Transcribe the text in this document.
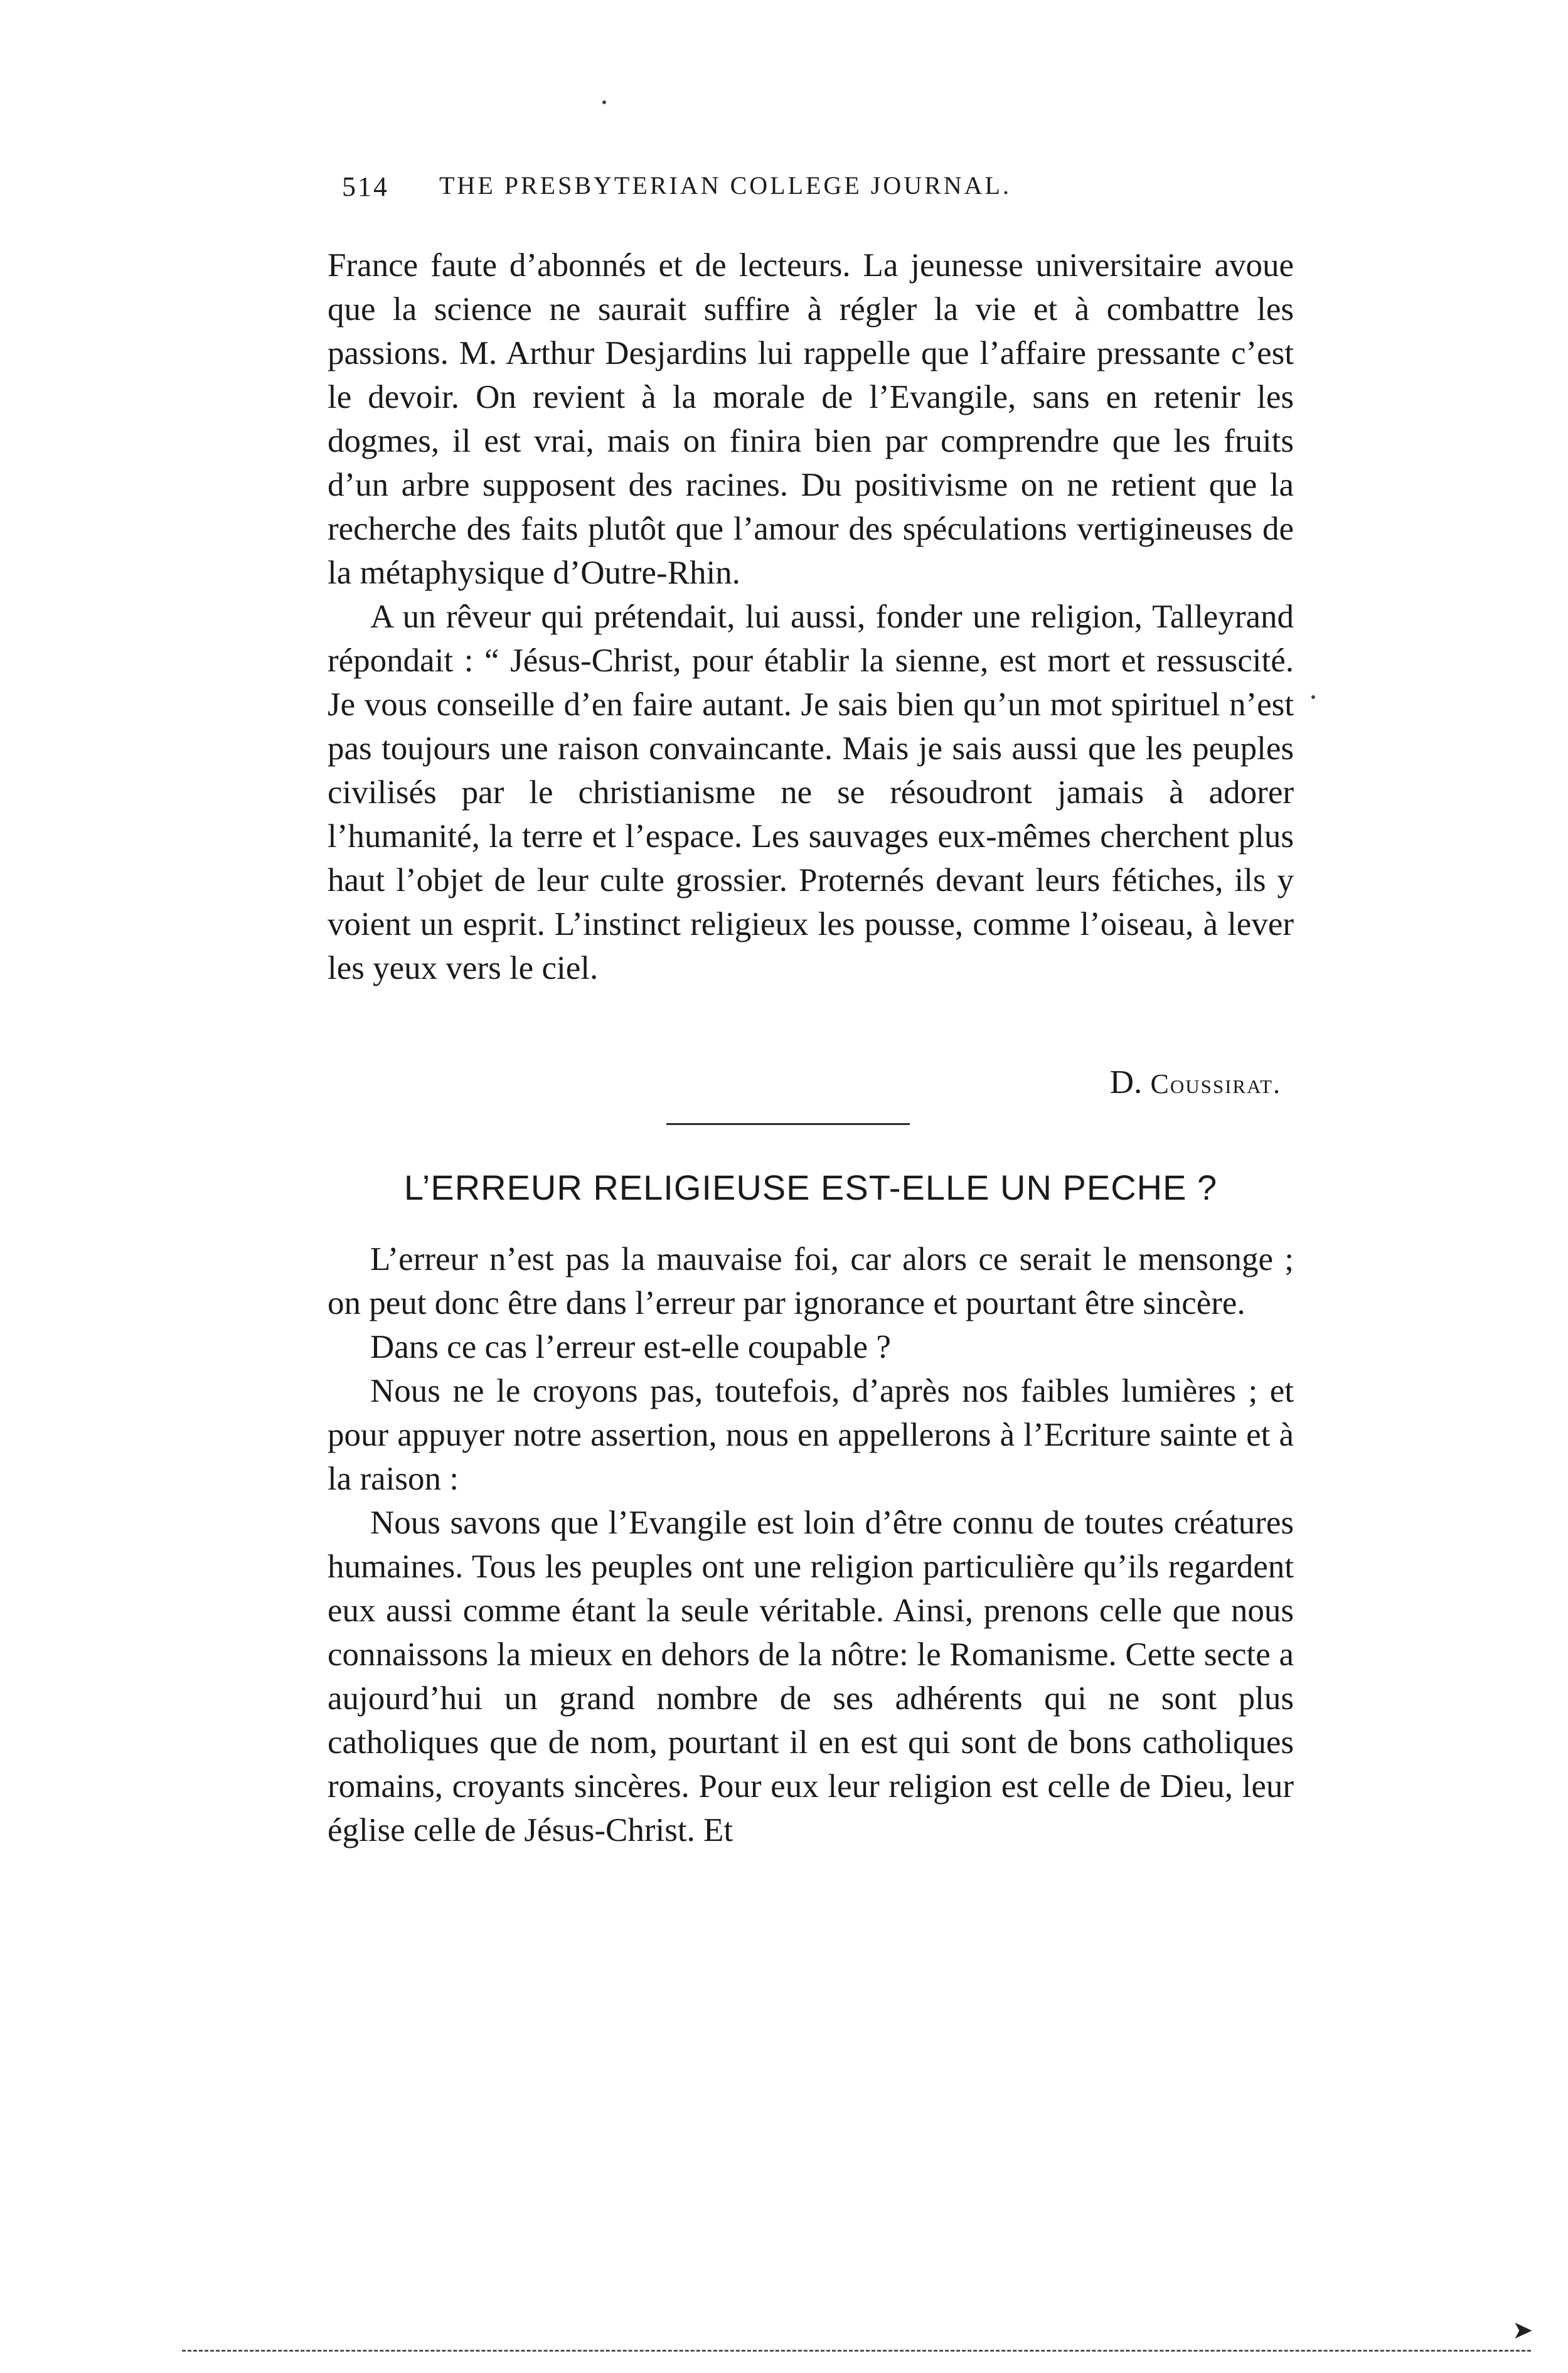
514 THE PRESBYTERIAN COLLEGE JOURNAL.

France faute d’abonnés et de lecteurs. La jeunesse universitaire avoue que la science ne saurait suffire à régler la vie et à combattre les passions. M. Arthur Desjardins lui rappelle que l’affaire pressante c’est le devoir. On revient à la morale de l’Evangile, sans en retenir les dogmes, il est vrai, mais on finira bien par comprendre que les fruits d’un arbre supposent des racines. Du positivisme on ne retient que la recherche des faits plutôt que l’amour des spéculations vertigineuses de la métaphysique d’Outre-Rhin.

A un rêveur qui prétendait, lui aussi, fonder une religion, Talleyrand répondait : “ Jésus-Christ, pour établir la sienne, est mort et ressuscité. Je vous conseille d’en faire autant. Je sais bien qu’un mot spirituel n’est pas toujours une raison convaincante. Mais je sais aussi que les peuples civilisés par le christianisme ne se résoudront jamais à adorer l’humanité, la terre et l’espace. Les sauvages eux-mêmes cherchent plus haut l’objet de leur culte grossier. Proternés devant leurs fétiches, ils y voient un esprit. L’instinct religieux les pousse, comme l’oiseau, à lever les yeux vers le ciel.

D. Coussirat.
L’ERREUR RELIGIEUSE EST-ELLE UN PECHE ?

L’erreur n’est pas la mauvaise foi, car alors ce serait le mensonge ; on peut donc être dans l’erreur par ignorance et pourtant être sincère.

Dans ce cas l’erreur est-elle coupable ?

Nous ne le croyons pas, toutefois, d’après nos faibles lumières ; et pour appuyer notre assertion, nous en appellerons à l’Ecriture sainte et à la raison :

Nous savons que l’Evangile est loin d’être connu de toutes créatures humaines. Tous les peuples ont une religion particulière qu’ils regardent eux aussi comme étant la seule véritable. Ainsi, prenons celle que nous connaissons la mieux en dehors de la nôtre: le Romanisme. Cette secte a aujourd’hui un grand nombre de ses adhérents qui ne sont plus catholiques que de nom, pourtant il en est qui sont de bons catholiques romains, croyants sincères. Pour eux leur religion est celle de Dieu, leur église celle de Jésus-Christ. Et

➤
